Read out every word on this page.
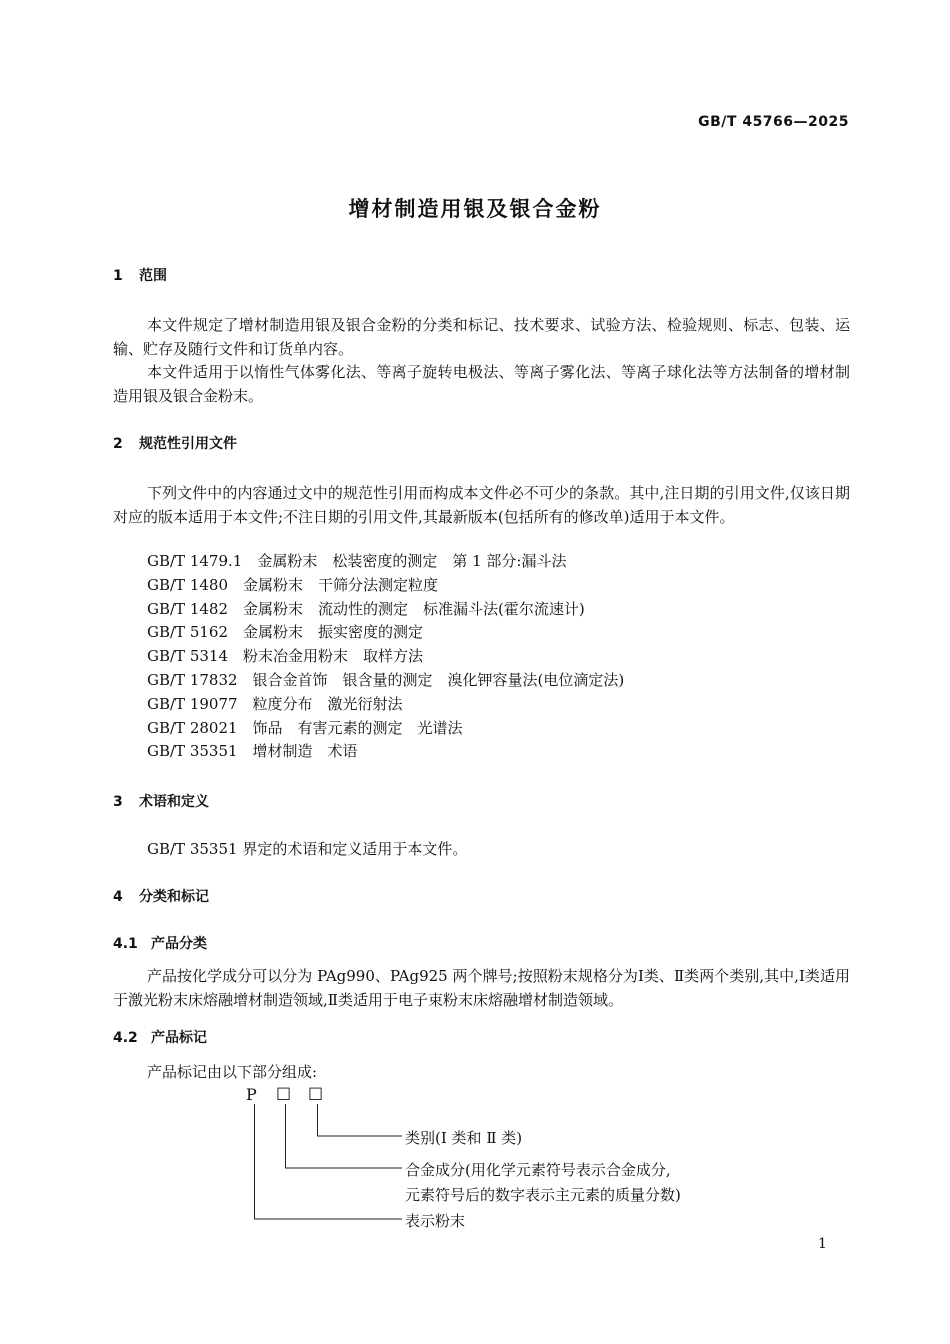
GB/T 45766—2025
增材制造用银及银合金粉
1 范围
本文件规定了增材制造用银及银合金粉的分类和标记、技术要求、试验方法、检验规则、标志、包装、运输、贮存及随行文件和订货单内容。
本文件适用于以惰性气体雾化法、等离子旋转电极法、等离子雾化法、等离子球化法等方法制备的增材制造用银及银合金粉末。
2 规范性引用文件
下列文件中的内容通过文中的规范性引用而构成本文件必不可少的条款。其中,注日期的引用文件,仅该日期对应的版本适用于本文件;不注日期的引用文件,其最新版本(包括所有的修改单)适用于本文件。
GB/T 1479.1　金属粉末　松装密度的测定　第 1 部分:漏斗法
GB/T 1480　金属粉末　干筛分法测定粒度
GB/T 1482　金属粉末　流动性的测定　标准漏斗法(霍尔流速计)
GB/T 5162　金属粉末　振实密度的测定
GB/T 5314　粉末冶金用粉末　取样方法
GB/T 17832　银合金首饰　银含量的测定　溴化钾容量法(电位滴定法)
GB/T 19077　粒度分布　激光衍射法
GB/T 28021　饰品　有害元素的测定　光谱法
GB/T 35351　增材制造　术语
3 术语和定义
GB/T 35351 界定的术语和定义适用于本文件。
4 分类和标记
4.1 产品分类
产品按化学成分可以分为 PAg990、PAg925 两个牌号;按照粉末规格分为Ⅰ类、Ⅱ类两个类别,其中,Ⅰ类适用于激光粉末床熔融增材制造领域,Ⅱ类适用于电子束粉末床熔融增材制造领域。
4.2 产品标记
产品标记由以下部分组成:
P □ □
类别(Ⅰ 类和 Ⅱ 类)
合金成分(用化学元素符号表示合金成分,
元素符号后的数字表示主元素的质量分数)
表示粉末
1
